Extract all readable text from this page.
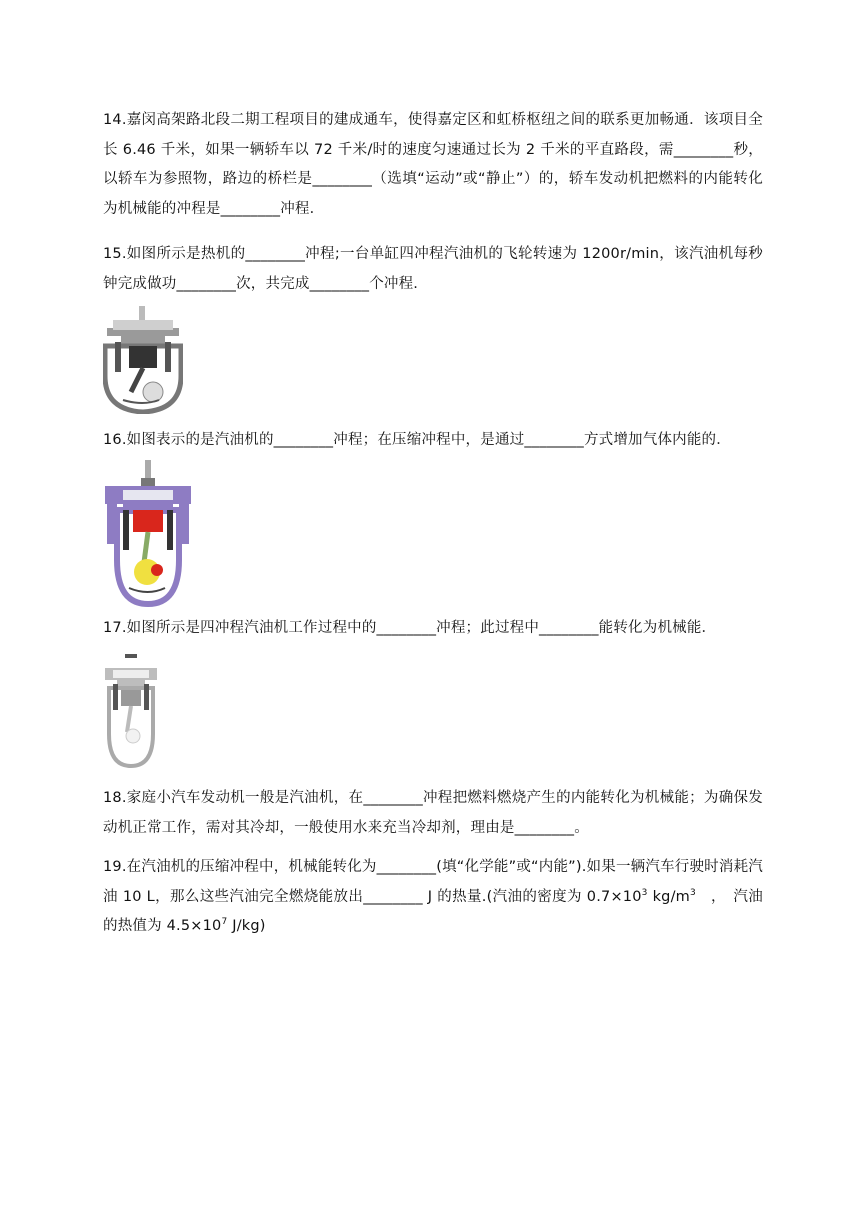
14.嘉闵高架路北段二期工程项目的建成通车，使得嘉定区和虹桥枢纽之间的联系更加畅通．该项目全长 6.46 千米，如果一辆轿车以 72 千米/时的速度匀速通过长为 2 千米的平直路段，需________秒，以轿车为参照物，路边的桥栏是________（选填“运动”或“静止”）的，轿车发动机把燃料的内能转化为机械能的冲程是________冲程．

15.如图所示是热机的________冲程;一台单缸四冲程汽油机的飞轮转速为 1200r/min，该汽油机每秒钟完成做功________次，共完成________个冲程.

16.如图表示的是汽油机的________冲程；在压缩冲程中，是通过________方式增加气体内能的．

17.如图所示是四冲程汽油机工作过程中的________冲程；此过程中________能转化为机械能．

18.家庭小汽车发动机一般是汽油机，在________冲程把燃料燃烧产生的内能转化为机械能；为确保发动机正常工作，需对其冷却，一般使用水来充当冷却剂，理由是________。

19.在汽油机的压缩冲程中，机械能转化为________(填“化学能”或“内能”).如果一辆汽车行驶时消耗汽油 10 L，那么这些汽油完全燃烧能放出________ J 的热量.(汽油的密度为 $0.7\times 10^3$ $kg/m^3$　，　汽油的热值为 $4.5\times 10^7$ J/kg)
